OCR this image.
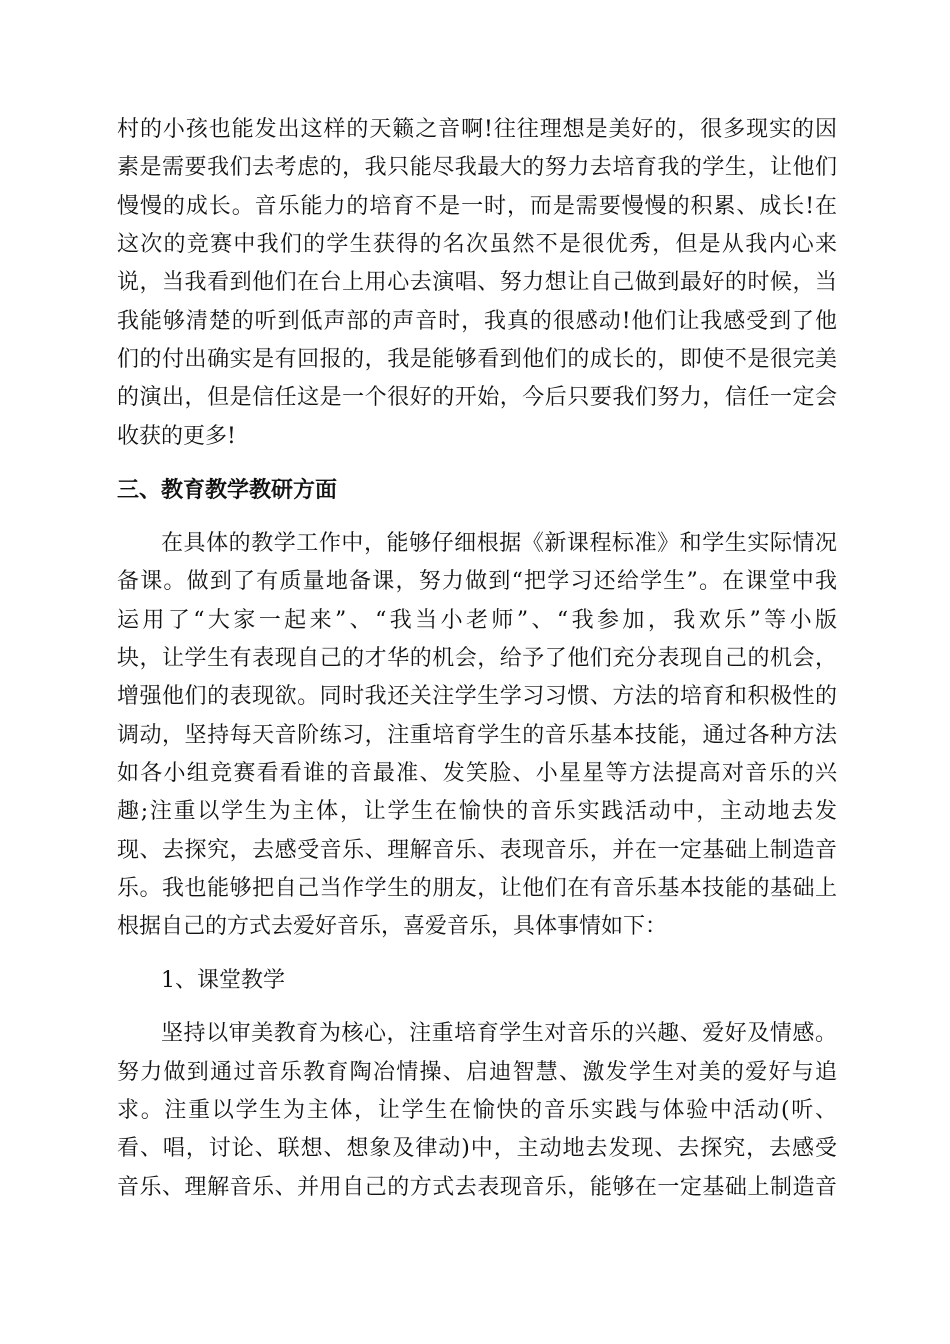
村的小孩也能发出这样的天籁之音啊!往往理想是美好的，很多现实的因
素是需要我们去考虑的，我只能尽我最大的努力去培育我的学生，让他们
慢慢的成长。音乐能力的培育不是一时，而是需要慢慢的积累、成长!在
这次的竞赛中我们的学生获得的名次虽然不是很优秀，但是从我内心来
说，当我看到他们在台上用心去演唱、努力想让自己做到最好的时候，当
我能够清楚的听到低声部的声音时，我真的很感动!他们让我感受到了他
们的付出确实是有回报的，我是能够看到他们的成长的，即使不是很完美
的演出，但是信任这是一个很好的开始，今后只要我们努力，信任一定会
收获的更多!
三、教育教学教研方面
在具体的教学工作中，能够仔细根据《新课程标准》和学生实际情况
备课。做到了有质量地备课，努力做到“把学习还给学生”。在课堂中我
运用了“大家一起来”、“我当小老师”、“我参加，我欢乐”等小版
块，让学生有表现自己的才华的机会，给予了他们充分表现自己的机会，
增强他们的表现欲。同时我还关注学生学习习惯、方法的培育和积极性的
调动，坚持每天音阶练习，注重培育学生的音乐基本技能，通过各种方法
如各小组竞赛看看谁的音最准、发笑脸、小星星等方法提高对音乐的兴
趣;注重以学生为主体，让学生在愉快的音乐实践活动中，主动地去发
现、去探究，去感受音乐、理解音乐、表现音乐，并在一定基础上制造音
乐。我也能够把自己当作学生的朋友，让他们在有音乐基本技能的基础上
根据自己的方式去爱好音乐，喜爱音乐，具体事情如下：
1、课堂教学
坚持以审美教育为核心，注重培育学生对音乐的兴趣、爱好及情感。
努力做到通过音乐教育陶冶情操、启迪智慧、激发学生对美的爱好与追
求。注重以学生为主体，让学生在愉快的音乐实践与体验中活动(听、
看、唱，讨论、联想、想象及律动)中，主动地去发现、去探究，去感受
音乐、理解音乐、并用自己的方式去表现音乐，能够在一定基础上制造音
